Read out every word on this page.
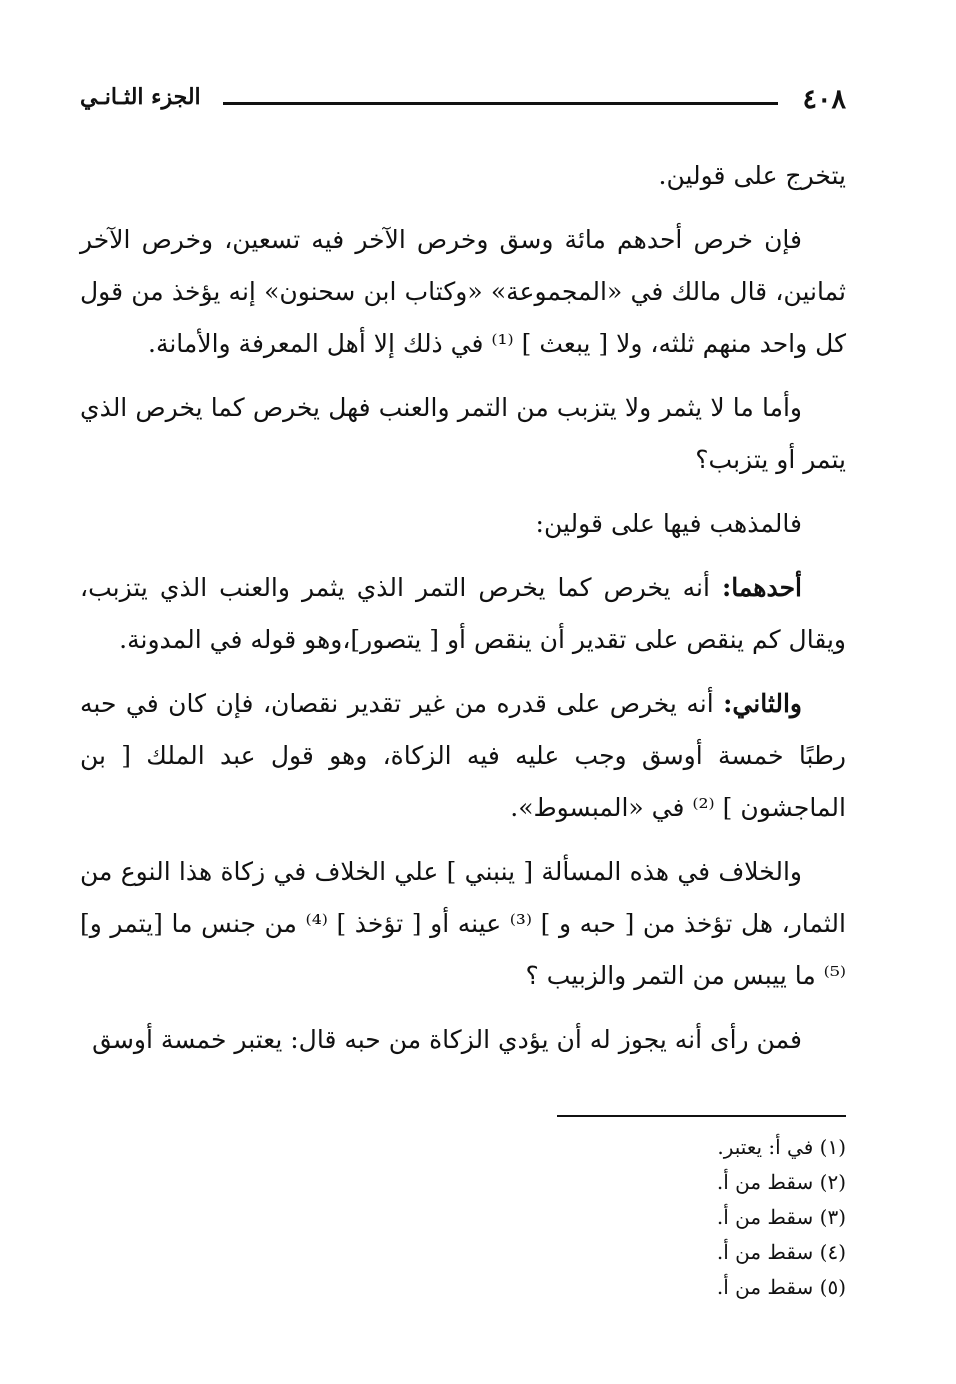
٤٠٨
الجزء الثـانـي

يتخرج على قولين.

فإن خرص أحدهم مائة وسق وخرص الآخر فيه تسعين، وخرص الآخر ثمانين، قال مالك في «المجموعة» «وكتاب ابن سحنون» إنه يؤخذ من قول كل واحد منهم ثلثه، ولا [ يبعث ] ⁽¹⁾ في ذلك إلا أهل المعرفة والأمانة.

وأما ما لا يثمر ولا يتزبب من التمر والعنب فهل يخرص كما يخرص الذي يتمر أو يتزبب؟

فالمذهب فيها على قولين:

أحدهما: أنه يخرص كما يخرص التمر الذي يثمر والعنب الذي يتزبب، ويقال كم ينقص على تقدير أن ينقص أو [ يتصور]،وهو قوله في المدونة.

والثاني: أنه يخرص على قدره من غير تقدير نقصان، فإن كان في حبه رطبًا خمسة أوسق وجب عليه فيه الزكاة، وهو قول عبد الملك [ بن الماجشون ] ⁽²⁾ في «المبسوط».

والخلاف في هذه المسألة [ ينبني ] علي الخلاف في زكاة هذا النوع من الثمار، هل تؤخذ من [ حبه و ] ⁽³⁾ عينه أو [ تؤخذ ] ⁽⁴⁾ من جنس ما [يتمر و]⁽⁵⁾ ما ييبس من التمر والزبيب ؟

فمن رأى أنه يجوز له أن يؤدي الزكاة من حبه قال: يعتبر خمسة أوسق

(١) في أ: يعتبر.
(٢) سقط من أ.
(٣) سقط من أ.
(٤) سقط من أ.
(٥) سقط من أ.
